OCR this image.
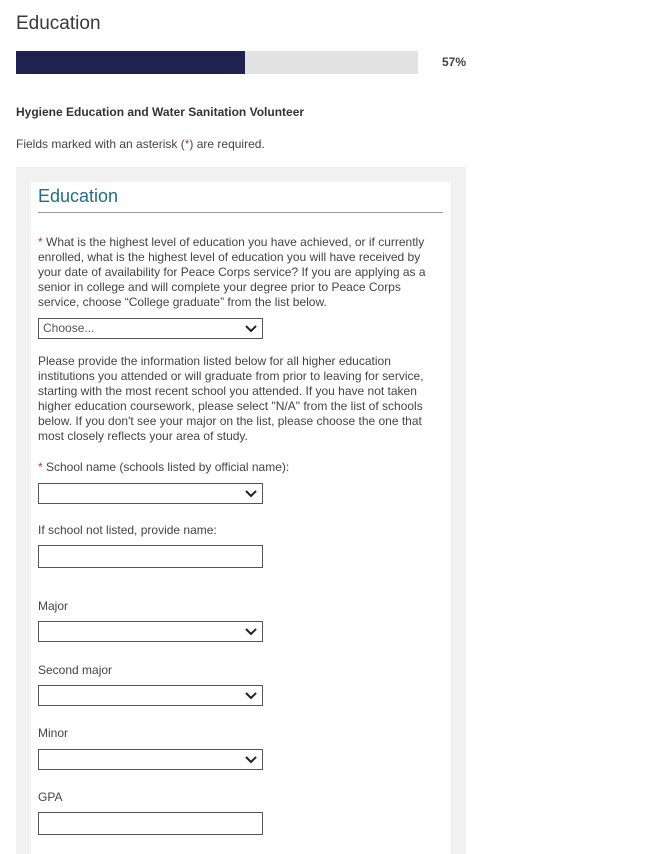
Education
57%
Hygiene Education and Water Sanitation Volunteer
Fields marked with an asterisk (*) are required.
Education
* What is the highest level of education you have achieved, or if currently enrolled, what is the highest level of education you will have received by your date of availability for Peace Corps service? If you are applying as a senior in college and will complete your degree prior to Peace Corps service, choose “College graduate” from the list below.
Choose...
Please provide the information listed below for all higher education institutions you attended or will graduate from prior to leaving for service, starting with the most recent school you attended. If you have not taken higher education coursework, please select "N/A" from the list of schools below. If you don't see your major on the list, please choose the one that most closely reflects your area of study.
* School name (schools listed by official name):
If school not listed, provide name:
Major
Second major
Minor
GPA
